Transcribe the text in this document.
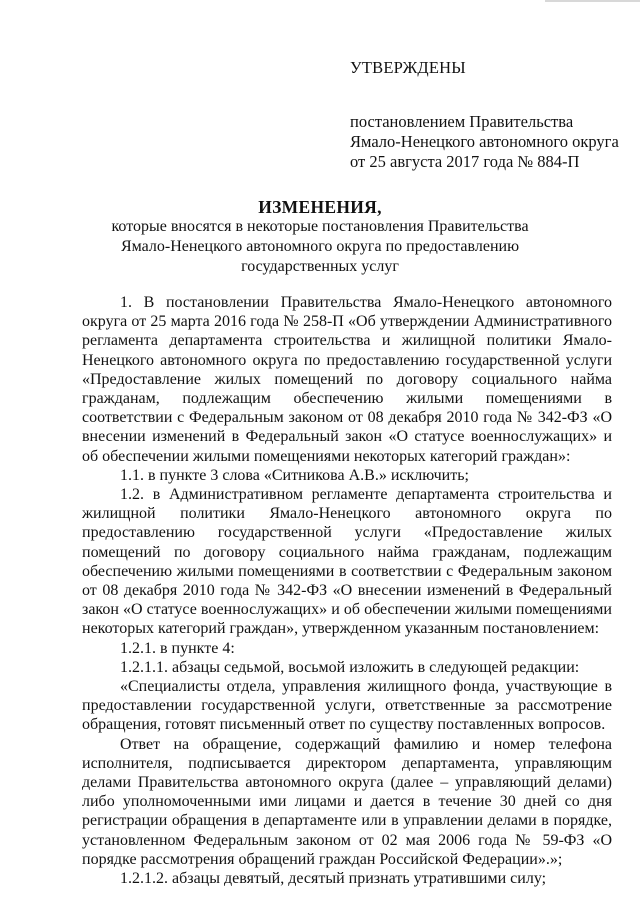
УТВЕРЖДЕНЫ
постановлением Правительства
Ямало-Ненецкого автономного округа
от 25 августа 2017 года № 884-П
ИЗМЕНЕНИЯ,
которые вносятся в некоторые постановления Правительства
Ямало-Ненецкого автономного округа по предоставлению
государственных услуг

1. В постановлении Правительства Ямало-Ненецкого автономного округа от 25 марта 2016 года № 258-П «Об утверждении Административного регламента департамента строительства и жилищной политики Ямало-Ненецкого автономного округа по предоставлению государственной услуги «Предоставление жилых помещений по договору социального найма гражданам, подлежащим обеспечению жилыми помещениями в соответствии с Федеральным законом от 08 декабря 2010 года № 342-ФЗ «О внесении изменений в Федеральный закон «О статусе военнослужащих» и об обеспечении жилыми помещениями некоторых категорий граждан»:

1.1. в пункте 3 слова «Ситникова А.В.» исключить;

1.2. в Административном регламенте департамента строительства и жилищной политики Ямало-Ненецкого автономного округа по предоставлению государственной услуги «Предоставление жилых помещений по договору социального найма гражданам, подлежащим обеспечению жилыми помещениями в соответствии с Федеральным законом от 08 декабря 2010 года № 342-ФЗ «О внесении изменений в Федеральный закон «О статусе военнослужащих» и об обеспечении жилыми помещениями некоторых категорий граждан», утвержденном указанным постановлением:

1.2.1. в пункте 4:

1.2.1.1. абзацы седьмой, восьмой изложить в следующей редакции:

«Специалисты отдела, управления жилищного фонда, участвующие в предоставлении государственной услуги, ответственные за рассмотрение обращения, готовят письменный ответ по существу поставленных вопросов.

Ответ на обращение, содержащий фамилию и номер телефона исполнителя, подписывается директором департамента, управляющим делами Правительства автономного округа (далее – управляющий делами) либо уполномоченными ими лицами и дается в течение 30 дней со дня регистрации обращения в департаменте или в управлении делами в порядке, установленном Федеральным законом от 02 мая 2006 года № 59-ФЗ «О порядке рассмотрения обращений граждан Российской Федерации».»;

1.2.1.2. абзацы девятый, десятый признать утратившими силу;
